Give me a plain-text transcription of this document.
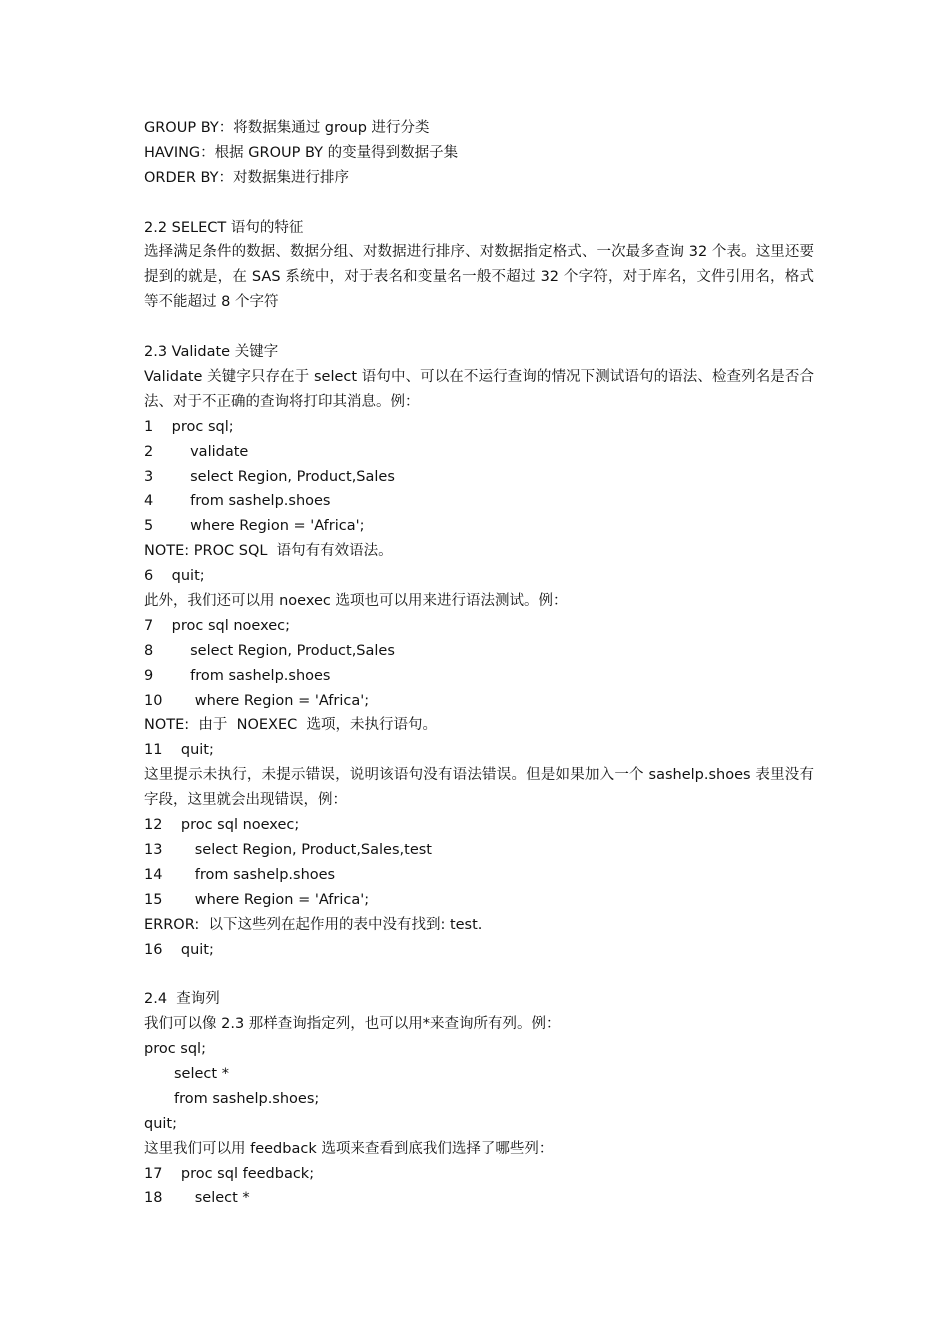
GROUP BY：将数据集通过 group 进行分类
HAVING：根据 GROUP BY 的变量得到数据子集
ORDER BY：对数据集进行排序
2.2 SELECT 语句的特征
选择满足条件的数据、数据分组、对数据进行排序、对数据指定格式、一次最多查询 32 个表。这里还要提到的就是，在 SAS 系统中，对于表名和变量名一般不超过 32 个字符，对于库名，文件引用名，格式等不能超过 8 个字符
2.3 Validate 关键字
Validate 关键字只存在于 select 语句中、可以在不运行查询的情况下测试语句的语法、检查列名是否合法、对于不正确的查询将打印其消息。例：
1    proc sql;
2        validate
3        select Region, Product,Sales
4        from sashelp.shoes
5        where Region = 'Africa';
NOTE: PROC SQL  语句有有效语法。
6    quit;
此外，我们还可以用 noexec 选项也可以用来进行语法测试。例：
7    proc sql noexec;
8        select Region, Product,Sales
9        from sashelp.shoes
10       where Region = 'Africa';
NOTE:  由于  NOEXEC  选项，未执行语句。
11    quit;
这里提示未执行，未提示错误，说明该语句没有语法错误。但是如果加入一个 sashelp.shoes 表里没有字段，这里就会出现错误，例：
12    proc sql noexec;
13       select Region, Product,Sales,test
14       from sashelp.shoes
15       where Region = 'Africa';
ERROR:  以下这些列在起作用的表中没有找到: test.
16    quit;
2.4  查询列
我们可以像 2.3 那样查询指定列，也可以用*来查询所有列。例：
proc sql;
select *
from sashelp.shoes;
quit;
这里我们可以用 feedback 选项来查看到底我们选择了哪些列：
17    proc sql feedback;
18       select *
